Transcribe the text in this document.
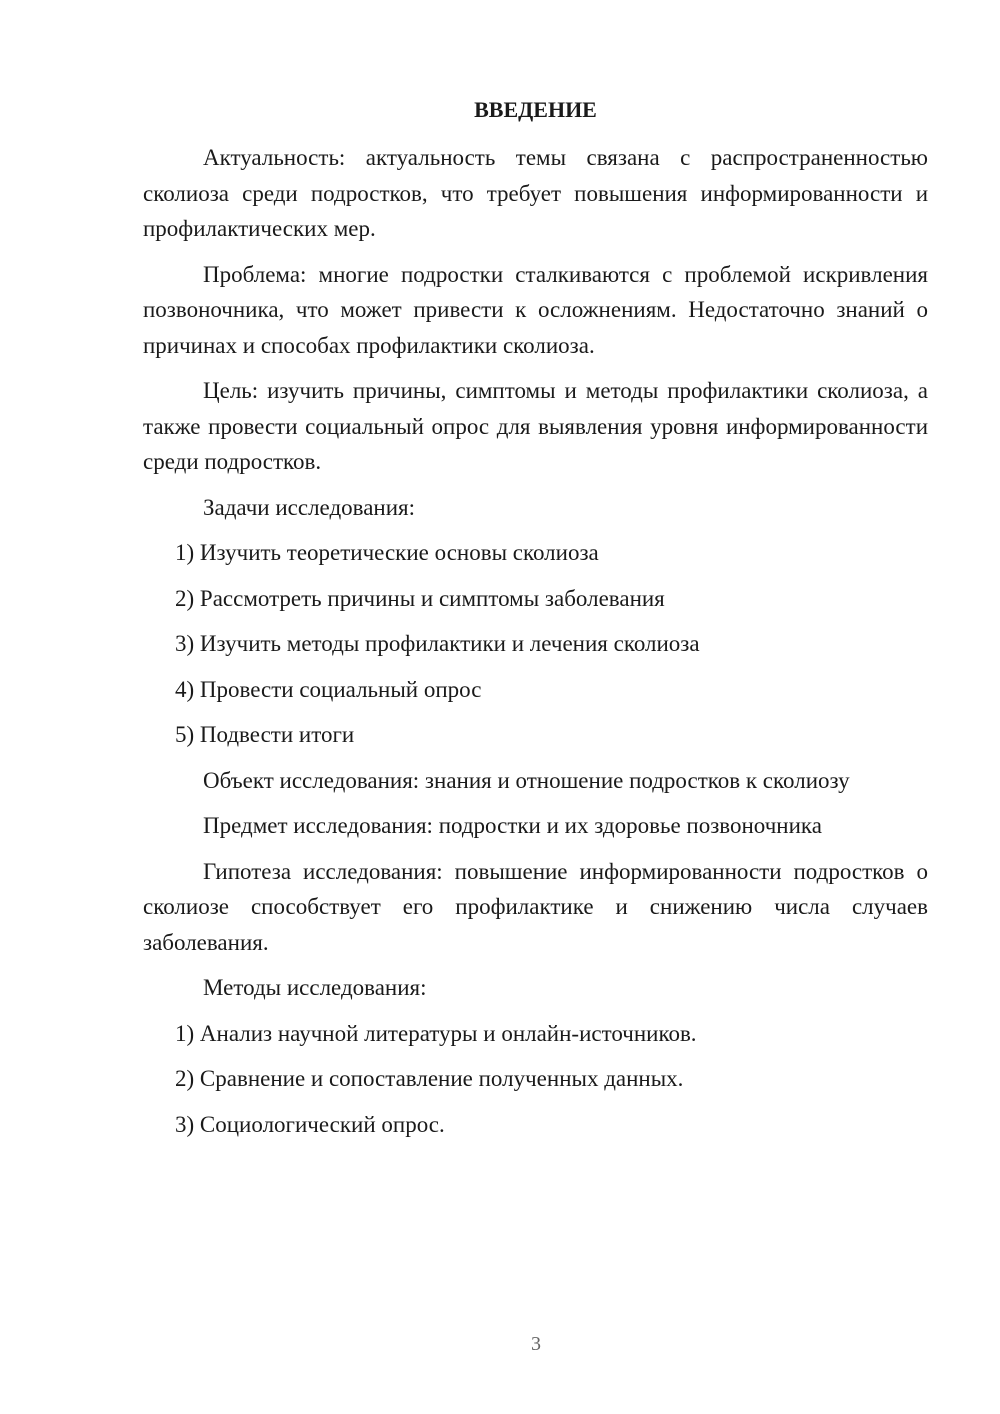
ВВЕДЕНИЕ

Актуальность: актуальность темы связана с распространенностью сколиоза среди подростков, что требует повышения информированности и профилактических мер.

Проблема: многие подростки сталкиваются с проблемой искривления позвоночника, что может привести к осложнениям. Недостаточно знаний о причинах и способах профилактики сколиоза.

Цель: изучить причины, симптомы и методы профилактики сколиоза, а также провести социальный опрос для выявления уровня информированности среди подростков.

Задачи исследования:

1) Изучить теоретические основы сколиоза
2) Рассмотреть причины и симптомы заболевания
3) Изучить методы профилактики и лечения сколиоза
4) Провести социальный опрос
5) Подвести итоги

Объект исследования: знания и отношение подростков к сколиозу

Предмет исследования: подростки и их здоровье позвоночника

Гипотеза исследования: повышение информированности подростков о сколиозе способствует его профилактике и снижению числа случаев заболевания.

Методы исследования:

1) Анализ научной литературы и онлайн-источников.
2) Сравнение и сопоставление полученных данных.
3) Социологический опрос.
3
